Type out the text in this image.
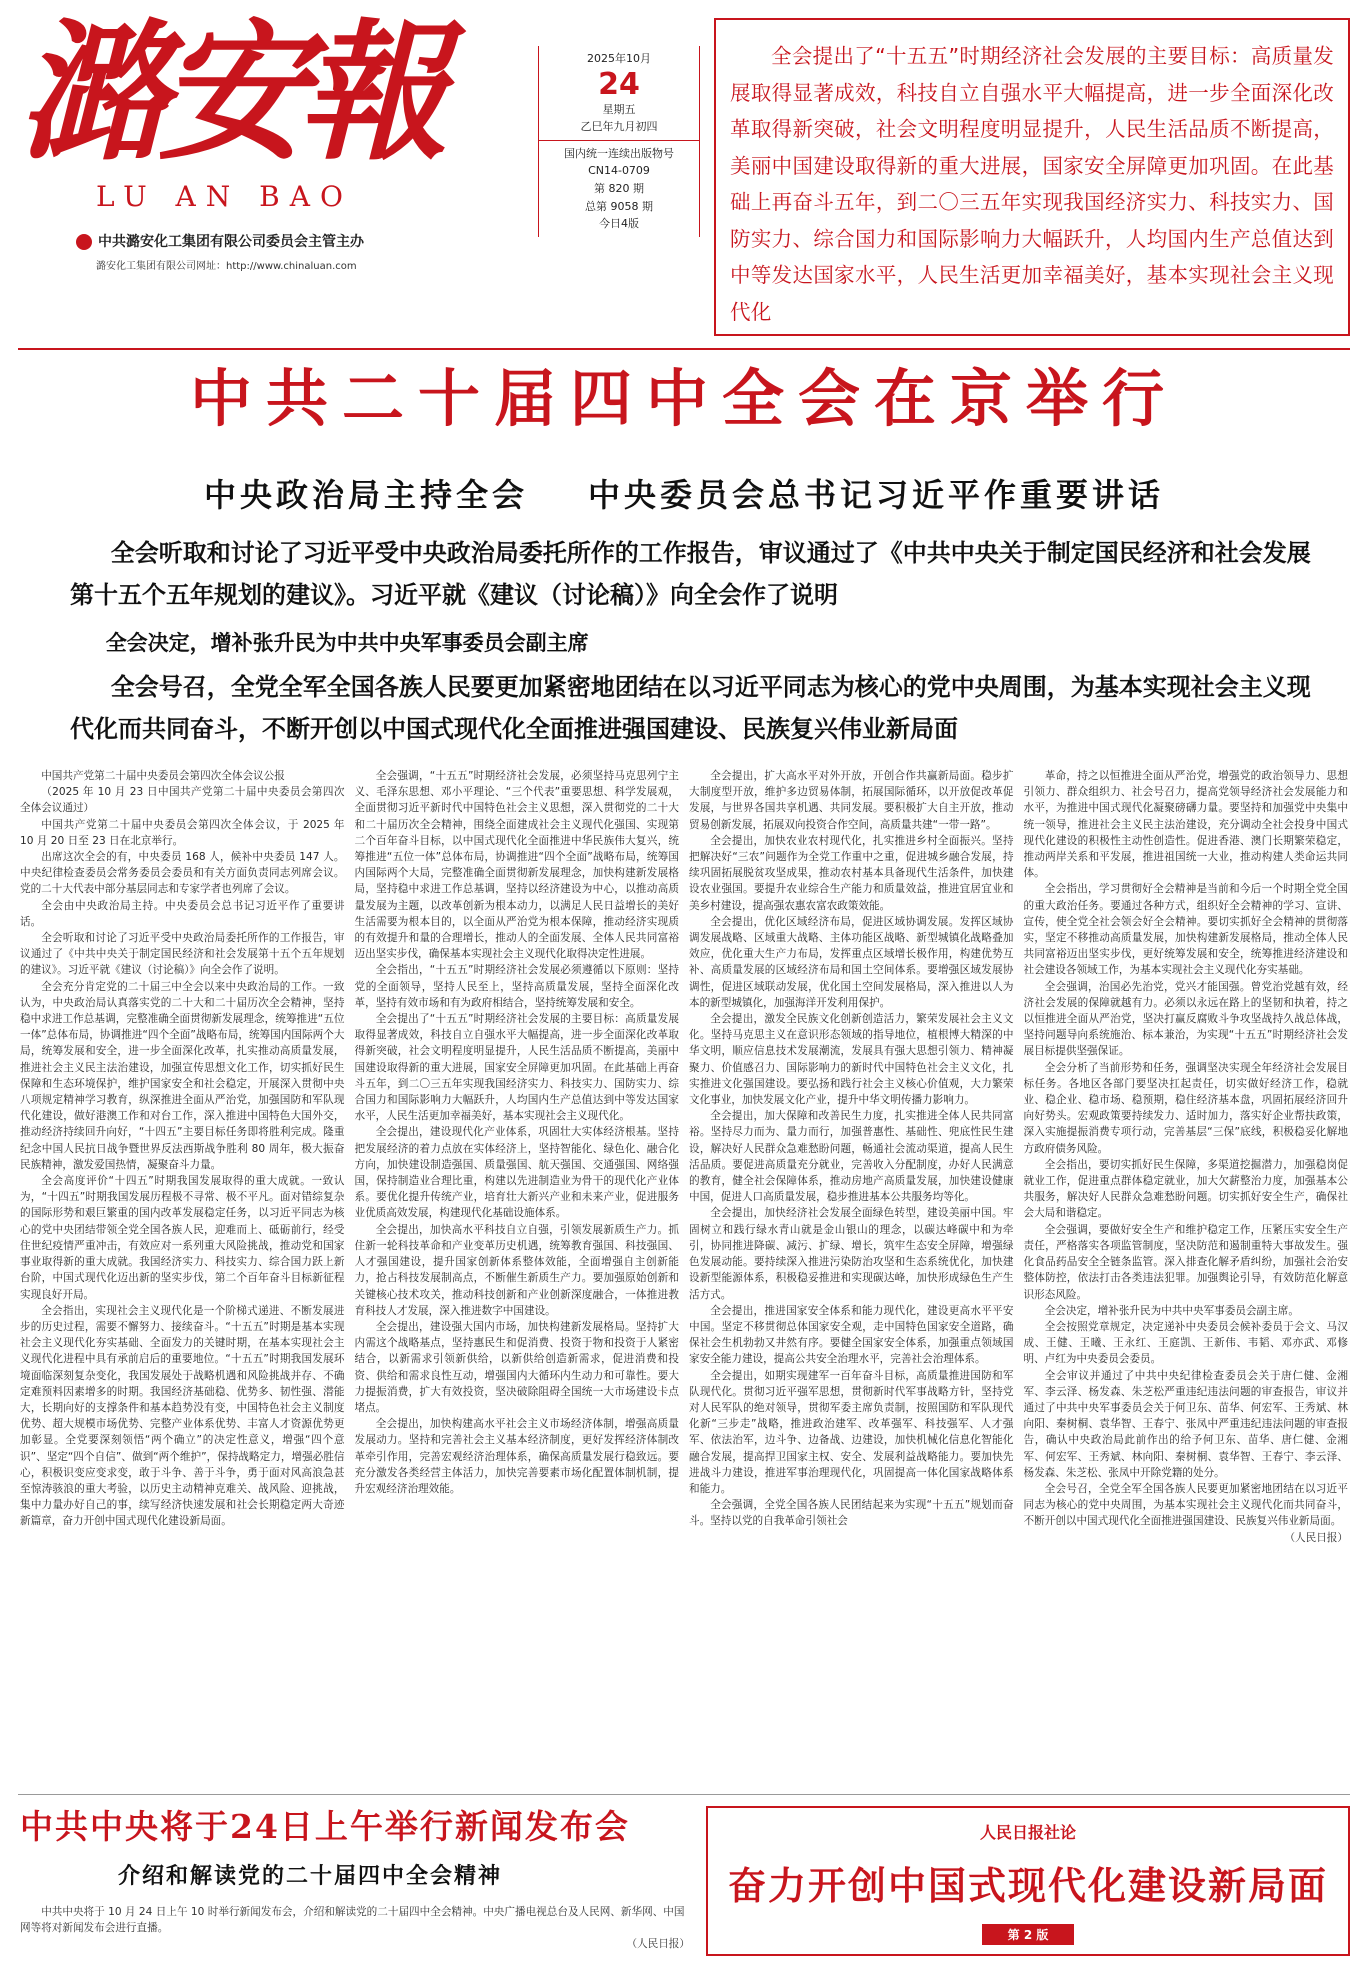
潞安報
LU AN BAO
中共潞安化工集团有限公司委员会主管主办
潞安化工集团有限公司网址：http://www.chinaluan.com
2025年10月
24
星期五
乙巳年九月初四
国内统一连续出版物号
CN14-0709
第 820 期
总第 9058 期
今日4版

全会提出了“十五五”时期经济社会发展的主要目标：高质量发展取得显著成效，科技自立自强水平大幅提高，进一步全面深化改革取得新突破，社会文明程度明显提升，人民生活品质不断提高，美丽中国建设取得新的重大进展，国家安全屏障更加巩固。在此基础上再奋斗五年，到二〇三五年实现我国经济实力、科技实力、国防实力、综合国力和国际影响力大幅跃升，人均国内生产总值达到中等发达国家水平，人民生活更加幸福美好，基本实现社会主义现代化

中共二十届四中全会在京举行
中央政治局主持全会 中央委员会总书记习近平作重要讲话

全会听取和讨论了习近平受中央政治局委托所作的工作报告，审议通过了《中共中央关于制定国民经济和社会发展第十五个五年规划的建议》。习近平就《建议（讨论稿）》向全会作了说明

全会决定，增补张升民为中共中央军事委员会副主席

全会号召，全党全军全国各族人民要更加紧密地团结在以习近平同志为核心的党中央周围，为基本实现社会主义现代化而共同奋斗，不断开创以中国式现代化全面推进强国建设、民族复兴伟业新局面

中国共产党第二十届中央委员会第四次全体会议公报

（2025 年 10 月 23 日中国共产党第二十届中央委员会第四次全体会议通过）

中国共产党第二十届中央委员会第四次全体会议，于 2025 年 10 月 20 日至 23 日在北京举行。

出席这次全会的有，中央委员 168 人，候补中央委员 147 人。中央纪律检查委员会常务委员会委员和有关方面负责同志列席会议。党的二十大代表中部分基层同志和专家学者也列席了会议。

全会由中央政治局主持。中央委员会总书记习近平作了重要讲话。

全会听取和讨论了习近平受中央政治局委托所作的工作报告，审议通过了《中共中央关于制定国民经济和社会发展第十五个五年规划的建议》。习近平就《建议（讨论稿）》向全会作了说明。

全会充分肯定党的二十届三中全会以来中央政治局的工作。一致认为，中央政治局认真落实党的二十大和二十届历次全会精神，坚持稳中求进工作总基调，完整准确全面贯彻新发展理念，统筹推进“五位一体”总体布局，协调推进“四个全面”战略布局，统筹国内国际两个大局，统筹发展和安全，进一步全面深化改革，扎实推动高质量发展，推进社会主义民主法治建设，加强宣传思想文化工作，切实抓好民生保障和生态环境保护，维护国家安全和社会稳定，开展深入贯彻中央八项规定精神学习教育，纵深推进全面从严治党，加强国防和军队现代化建设，做好港澳工作和对台工作，深入推进中国特色大国外交，推动经济持续回升向好，“十四五”主要目标任务即将胜利完成。隆重纪念中国人民抗日战争暨世界反法西斯战争胜利 80 周年，极大振奋民族精神，激发爱国热情，凝聚奋斗力量。

全会高度评价“十四五”时期我国发展取得的重大成就。一致认为，“十四五”时期我国发展历程极不寻常、极不平凡。面对错综复杂的国际形势和艰巨繁重的国内改革发展稳定任务，以习近平同志为核心的党中央团结带领全党全国各族人民，迎难而上、砥砺前行，经受住世纪疫情严重冲击，有效应对一系列重大风险挑战，推动党和国家事业取得新的重大成就。我国经济实力、科技实力、综合国力跃上新台阶，中国式现代化迈出新的坚实步伐，第二个百年奋斗目标新征程实现良好开局。

全会指出，实现社会主义现代化是一个阶梯式递进、不断发展进步的历史过程，需要不懈努力、接续奋斗。“十五五”时期是基本实现社会主义现代化夯实基础、全面发力的关键时期，在基本实现社会主义现代化进程中具有承前启后的重要地位。“十五五”时期我国发展环境面临深刻复杂变化，我国发展处于战略机遇和风险挑战并存、不确定难预料因素增多的时期。我国经济基础稳、优势多、韧性强、潜能大，长期向好的支撑条件和基本趋势没有变，中国特色社会主义制度优势、超大规模市场优势、完整产业体系优势、丰富人才资源优势更加彰显。全党要深刻领悟“两个确立”的决定性意义，增强“四个意识”、坚定“四个自信”、做到“两个维护”，保持战略定力，增强必胜信心，积极识变应变求变，敢于斗争、善于斗争，勇于面对风高浪急甚至惊涛骇浪的重大考验，以历史主动精神克难关、战风险、迎挑战，集中力量办好自己的事，续写经济快速发展和社会长期稳定两大奇迹新篇章，奋力开创中国式现代化建设新局面。

全会强调，“十五五”时期经济社会发展，必须坚持马克思列宁主义、毛泽东思想、邓小平理论、“三个代表”重要思想、科学发展观，全面贯彻习近平新时代中国特色社会主义思想，深入贯彻党的二十大和二十届历次全会精神，围绕全面建成社会主义现代化强国、实现第二个百年奋斗目标，以中国式现代化全面推进中华民族伟大复兴，统筹推进“五位一体”总体布局，协调推进“四个全面”战略布局，统筹国内国际两个大局，完整准确全面贯彻新发展理念，加快构建新发展格局，坚持稳中求进工作总基调，坚持以经济建设为中心，以推动高质量发展为主题，以改革创新为根本动力，以满足人民日益增长的美好生活需要为根本目的，以全面从严治党为根本保障，推动经济实现质的有效提升和量的合理增长，推动人的全面发展、全体人民共同富裕迈出坚实步伐，确保基本实现社会主义现代化取得决定性进展。

全会指出，“十五五”时期经济社会发展必须遵循以下原则：坚持党的全面领导，坚持人民至上，坚持高质量发展，坚持全面深化改革，坚持有效市场和有为政府相结合，坚持统筹发展和安全。

全会提出了“十五五”时期经济社会发展的主要目标：高质量发展取得显著成效，科技自立自强水平大幅提高，进一步全面深化改革取得新突破，社会文明程度明显提升，人民生活品质不断提高，美丽中国建设取得新的重大进展，国家安全屏障更加巩固。在此基础上再奋斗五年，到二〇三五年实现我国经济实力、科技实力、国防实力、综合国力和国际影响力大幅跃升，人均国内生产总值达到中等发达国家水平，人民生活更加幸福美好，基本实现社会主义现代化。

全会提出，建设现代化产业体系，巩固壮大实体经济根基。坚持把发展经济的着力点放在实体经济上，坚持智能化、绿色化、融合化方向，加快建设制造强国、质量强国、航天强国、交通强国、网络强国，保持制造业合理比重，构建以先进制造业为骨干的现代化产业体系。要优化提升传统产业，培育壮大新兴产业和未来产业，促进服务业优质高效发展，构建现代化基础设施体系。

全会提出，加快高水平科技自立自强，引领发展新质生产力。抓住新一轮科技革命和产业变革历史机遇，统筹教育强国、科技强国、人才强国建设，提升国家创新体系整体效能，全面增强自主创新能力，抢占科技发展制高点，不断催生新质生产力。要加强原始创新和关键核心技术攻关，推动科技创新和产业创新深度融合，一体推进教育科技人才发展，深入推进数字中国建设。

全会提出，建设强大国内市场，加快构建新发展格局。坚持扩大内需这个战略基点，坚持惠民生和促消费、投资于物和投资于人紧密结合，以新需求引领新供给，以新供给创造新需求，促进消费和投资、供给和需求良性互动，增强国内大循环内生动力和可靠性。要大力提振消费，扩大有效投资，坚决破除阻碍全国统一大市场建设卡点堵点。

全会提出，加快构建高水平社会主义市场经济体制，增强高质量发展动力。坚持和完善社会主义基本经济制度，更好发挥经济体制改革牵引作用，完善宏观经济治理体系，确保高质量发展行稳致远。要充分激发各类经营主体活力，加快完善要素市场化配置体制机制，提升宏观经济治理效能。

全会提出，扩大高水平对外开放，开创合作共赢新局面。稳步扩大制度型开放，维护多边贸易体制，拓展国际循环，以开放促改革促发展，与世界各国共享机遇、共同发展。要积极扩大自主开放，推动贸易创新发展，拓展双向投资合作空间，高质量共建“一带一路”。

全会提出，加快农业农村现代化，扎实推进乡村全面振兴。坚持把解决好“三农”问题作为全党工作重中之重，促进城乡融合发展，持续巩固拓展脱贫攻坚成果，推动农村基本具备现代生活条件，加快建设农业强国。要提升农业综合生产能力和质量效益，推进宜居宜业和美乡村建设，提高强农惠农富农政策效能。

全会提出，优化区域经济布局，促进区域协调发展。发挥区域协调发展战略、区域重大战略、主体功能区战略、新型城镇化战略叠加效应，优化重大生产力布局，发挥重点区域增长极作用，构建优势互补、高质量发展的区域经济布局和国土空间体系。要增强区域发展协调性，促进区域联动发展，优化国土空间发展格局，深入推进以人为本的新型城镇化，加强海洋开发利用保护。

全会提出，激发全民族文化创新创造活力，繁荣发展社会主义文化。坚持马克思主义在意识形态领域的指导地位，植根博大精深的中华文明，顺应信息技术发展潮流，发展具有强大思想引领力、精神凝聚力、价值感召力、国际影响力的新时代中国特色社会主义文化，扎实推进文化强国建设。要弘扬和践行社会主义核心价值观，大力繁荣文化事业，加快发展文化产业，提升中华文明传播力影响力。

全会提出，加大保障和改善民生力度，扎实推进全体人民共同富裕。坚持尽力而为、量力而行，加强普惠性、基础性、兜底性民生建设，解决好人民群众急难愁盼问题，畅通社会流动渠道，提高人民生活品质。要促进高质量充分就业，完善收入分配制度，办好人民满意的教育，健全社会保障体系，推动房地产高质量发展，加快建设健康中国，促进人口高质量发展，稳步推进基本公共服务均等化。

全会提出，加快经济社会发展全面绿色转型，建设美丽中国。牢固树立和践行绿水青山就是金山银山的理念，以碳达峰碳中和为牵引，协同推进降碳、减污、扩绿、增长，筑牢生态安全屏障，增强绿色发展动能。要持续深入推进污染防治攻坚和生态系统优化，加快建设新型能源体系，积极稳妥推进和实现碳达峰，加快形成绿色生产生活方式。

全会提出，推进国家安全体系和能力现代化，建设更高水平平安中国。坚定不移贯彻总体国家安全观，走中国特色国家安全道路，确保社会生机勃勃又井然有序。要健全国家安全体系，加强重点领域国家安全能力建设，提高公共安全治理水平，完善社会治理体系。

全会提出，如期实现建军一百年奋斗目标，高质量推进国防和军队现代化。贯彻习近平强军思想，贯彻新时代军事战略方针，坚持党对人民军队的绝对领导，贯彻军委主席负责制，按照国防和军队现代化新“三步走”战略，推进政治建军、改革强军、科技强军、人才强军、依法治军，边斗争、边备战、边建设，加快机械化信息化智能化融合发展，提高捍卫国家主权、安全、发展利益战略能力。要加快先进战斗力建设，推进军事治理现代化，巩固提高一体化国家战略体系和能力。

全会强调，全党全国各族人民团结起来为实现“十五五”规划而奋斗。坚持以党的自我革命引领社会

革命，持之以恒推进全面从严治党，增强党的政治领导力、思想引领力、群众组织力、社会号召力，提高党领导经济社会发展能力和水平，为推进中国式现代化凝聚磅礴力量。要坚持和加强党中央集中统一领导，推进社会主义民主法治建设，充分调动全社会投身中国式现代化建设的积极性主动性创造性。促进香港、澳门长期繁荣稳定，推动两岸关系和平发展，推进祖国统一大业，推动构建人类命运共同体。

全会指出，学习贯彻好全会精神是当前和今后一个时期全党全国的重大政治任务。要通过各种方式，组织好全会精神的学习、宣讲、宣传，使全党全社会领会好全会精神。要切实抓好全会精神的贯彻落实，坚定不移推动高质量发展，加快构建新发展格局，推动全体人民共同富裕迈出坚实步伐，更好统筹发展和安全，统筹推进经济建设和社会建设各领域工作，为基本实现社会主义现代化夯实基础。

全会强调，治国必先治党，党兴才能国强。曾党治党越有效，经济社会发展的保障就越有力。必须以永远在路上的坚韧和执着，持之以恒推进全面从严治党，坚决打赢反腐败斗争攻坚战持久战总体战，坚持问题导向系统施治、标本兼治，为实现“十五五”时期经济社会发展目标提供坚强保证。

全会分析了当前形势和任务，强调坚决实现全年经济社会发展目标任务。各地区各部门要坚决扛起责任，切实做好经济工作，稳就业、稳企业、稳市场、稳预期，稳住经济基本盘，巩固拓展经济回升向好势头。宏观政策要持续发力、适时加力，落实好企业帮扶政策，深入实施提振消费专项行动，完善基层“三保”底线，积极稳妥化解地方政府债务风险。

全会指出，要切实抓好民生保障，多渠道挖掘潜力，加强稳岗促就业工作，促进重点群体稳定就业，加大欠薪整治力度，加强基本公共服务，解决好人民群众急难愁盼问题。切实抓好安全生产，确保社会大局和谐稳定。

全会强调，要做好安全生产和维护稳定工作，压紧压实安全生产责任，严格落实各项监管制度，坚决防范和遏制重特大事故发生。强化食品药品安全全链条监管。深入排查化解矛盾纠纷，加强社会治安整体防控，依法打击各类违法犯罪。加强舆论引导，有效防范化解意识形态风险。

全会决定，增补张升民为中共中央军事委员会副主席。

全会按照党章规定，决定递补中央委员会候补委员于会文、马汉成、王健、王曦、王永红、王庭凯、王新伟、韦韬、邓亦武、邓修明、卢红为中央委员会委员。

全会审议并通过了中共中央纪律检查委员会关于唐仁健、金湘军、李云泽、杨发森、朱芝松严重违纪违法问题的审查报告，审议并通过了中共中央军事委员会关于何卫东、苗华、何宏军、王秀斌、林向阳、秦树桐、袁华智、王春宁、张凤中严重违纪违法问题的审查报告，确认中央政治局此前作出的给予何卫东、苗华、唐仁健、金湘军、何宏军、王秀斌、林向阳、秦树桐、袁华智、王春宁、李云泽、杨发森、朱芝松、张凤中开除党籍的处分。

全会号召，全党全军全国各族人民要更加紧密地团结在以习近平同志为核心的党中央周围，为基本实现社会主义现代化而共同奋斗，不断开创以中国式现代化全面推进强国建设、民族复兴伟业新局面。

（人民日报）

中共中央将于24日上午举行新闻发布会
介绍和解读党的二十届四中全会精神
中共中央将于 10 月 24 日上午 10 时举行新闻发布会，介绍和解读党的二十届四中全会精神。中央广播电视总台及人民网、新华网、中国网等将对新闻发布会进行直播。
（人民日报）
人民日报社论
奋力开创中国式现代化建设新局面
第 2 版
